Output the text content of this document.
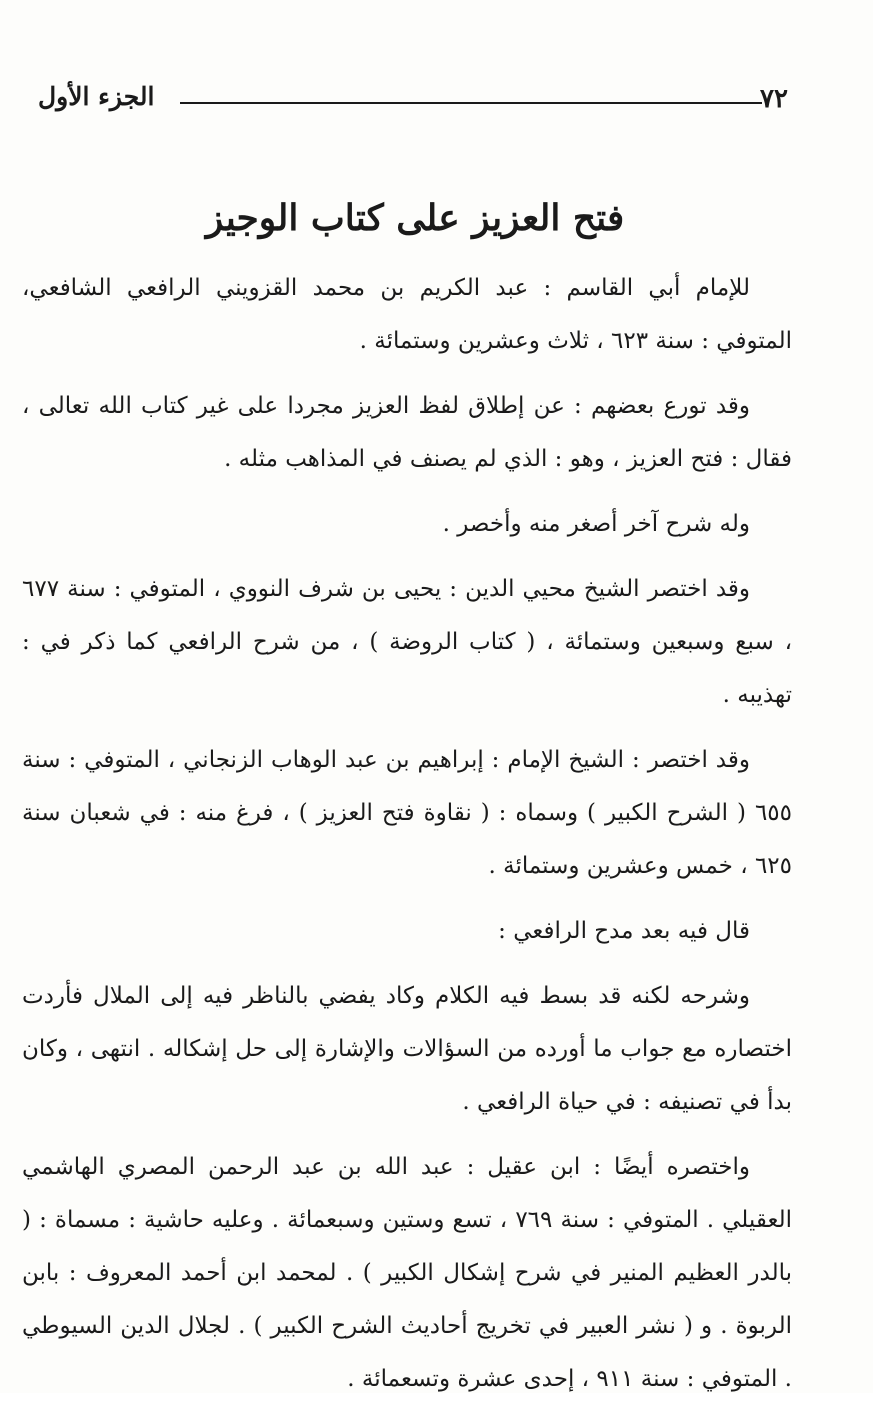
الجزء الأول	٧٢
فتح العزيز على كتاب الوجيز

للإمام أبي القاسم : عبد الكريم بن محمد القزويني الرافعي الشافعي، المتوفي : سنة ٦٢٣ ، ثلاث وعشرين وستمائة .

وقد تورع بعضهم : عن إطلاق لفظ العزيز مجردا على غير كتاب الله تعالى ، فقال : فتح العزيز ، وهو : الذي لم يصنف في المذاهب مثله .

وله شرح آخر أصغر منه وأخصر .

وقد اختصر الشيخ محيي الدين : يحيى بن شرف النووي ، المتوفي : سنة ٦٧٧ ، سبع وسبعين وستمائة ، ( كتاب الروضة ) ، من شرح الرافعي كما ذكر في : تهذيبه .

وقد اختصر : الشيخ الإمام : إبراهيم بن عبد الوهاب الزنجاني ، المتوفي : سنة ٦٥٥ ( الشرح الكبير ) وسماه : ( نقاوة فتح العزيز ) ، فرغ منه : في شعبان سنة ٦٢٥ ، خمس وعشرين وستمائة .

قال فيه بعد مدح الرافعي :

وشرحه لكنه قد بسط فيه الكلام وكاد يفضي بالناظر فيه إلى الملال فأردت اختصاره مع جواب ما أورده من السؤالات والإشارة إلى حل إشكاله . انتهى ، وكان بدأ في تصنيفه : في حياة الرافعي .

واختصره أيضًا : ابن عقيل : عبد الله بن عبد الرحمن المصري الهاشمي العقيلي . المتوفي : سنة ٧٦٩ ، تسع وستين وسبعمائة . وعليه حاشية : مسماة : ( بالدر العظيم المنير في شرح إشكال الكبير ) . لمحمد ابن أحمد المعروف : بابن الربوة . و ( نشر العبير في تخريج أحاديث الشرح الكبير ) . لجلال الدين السيوطي . المتوفي : سنة ٩١١ ، إحدى عشرة وتسعمائة .
